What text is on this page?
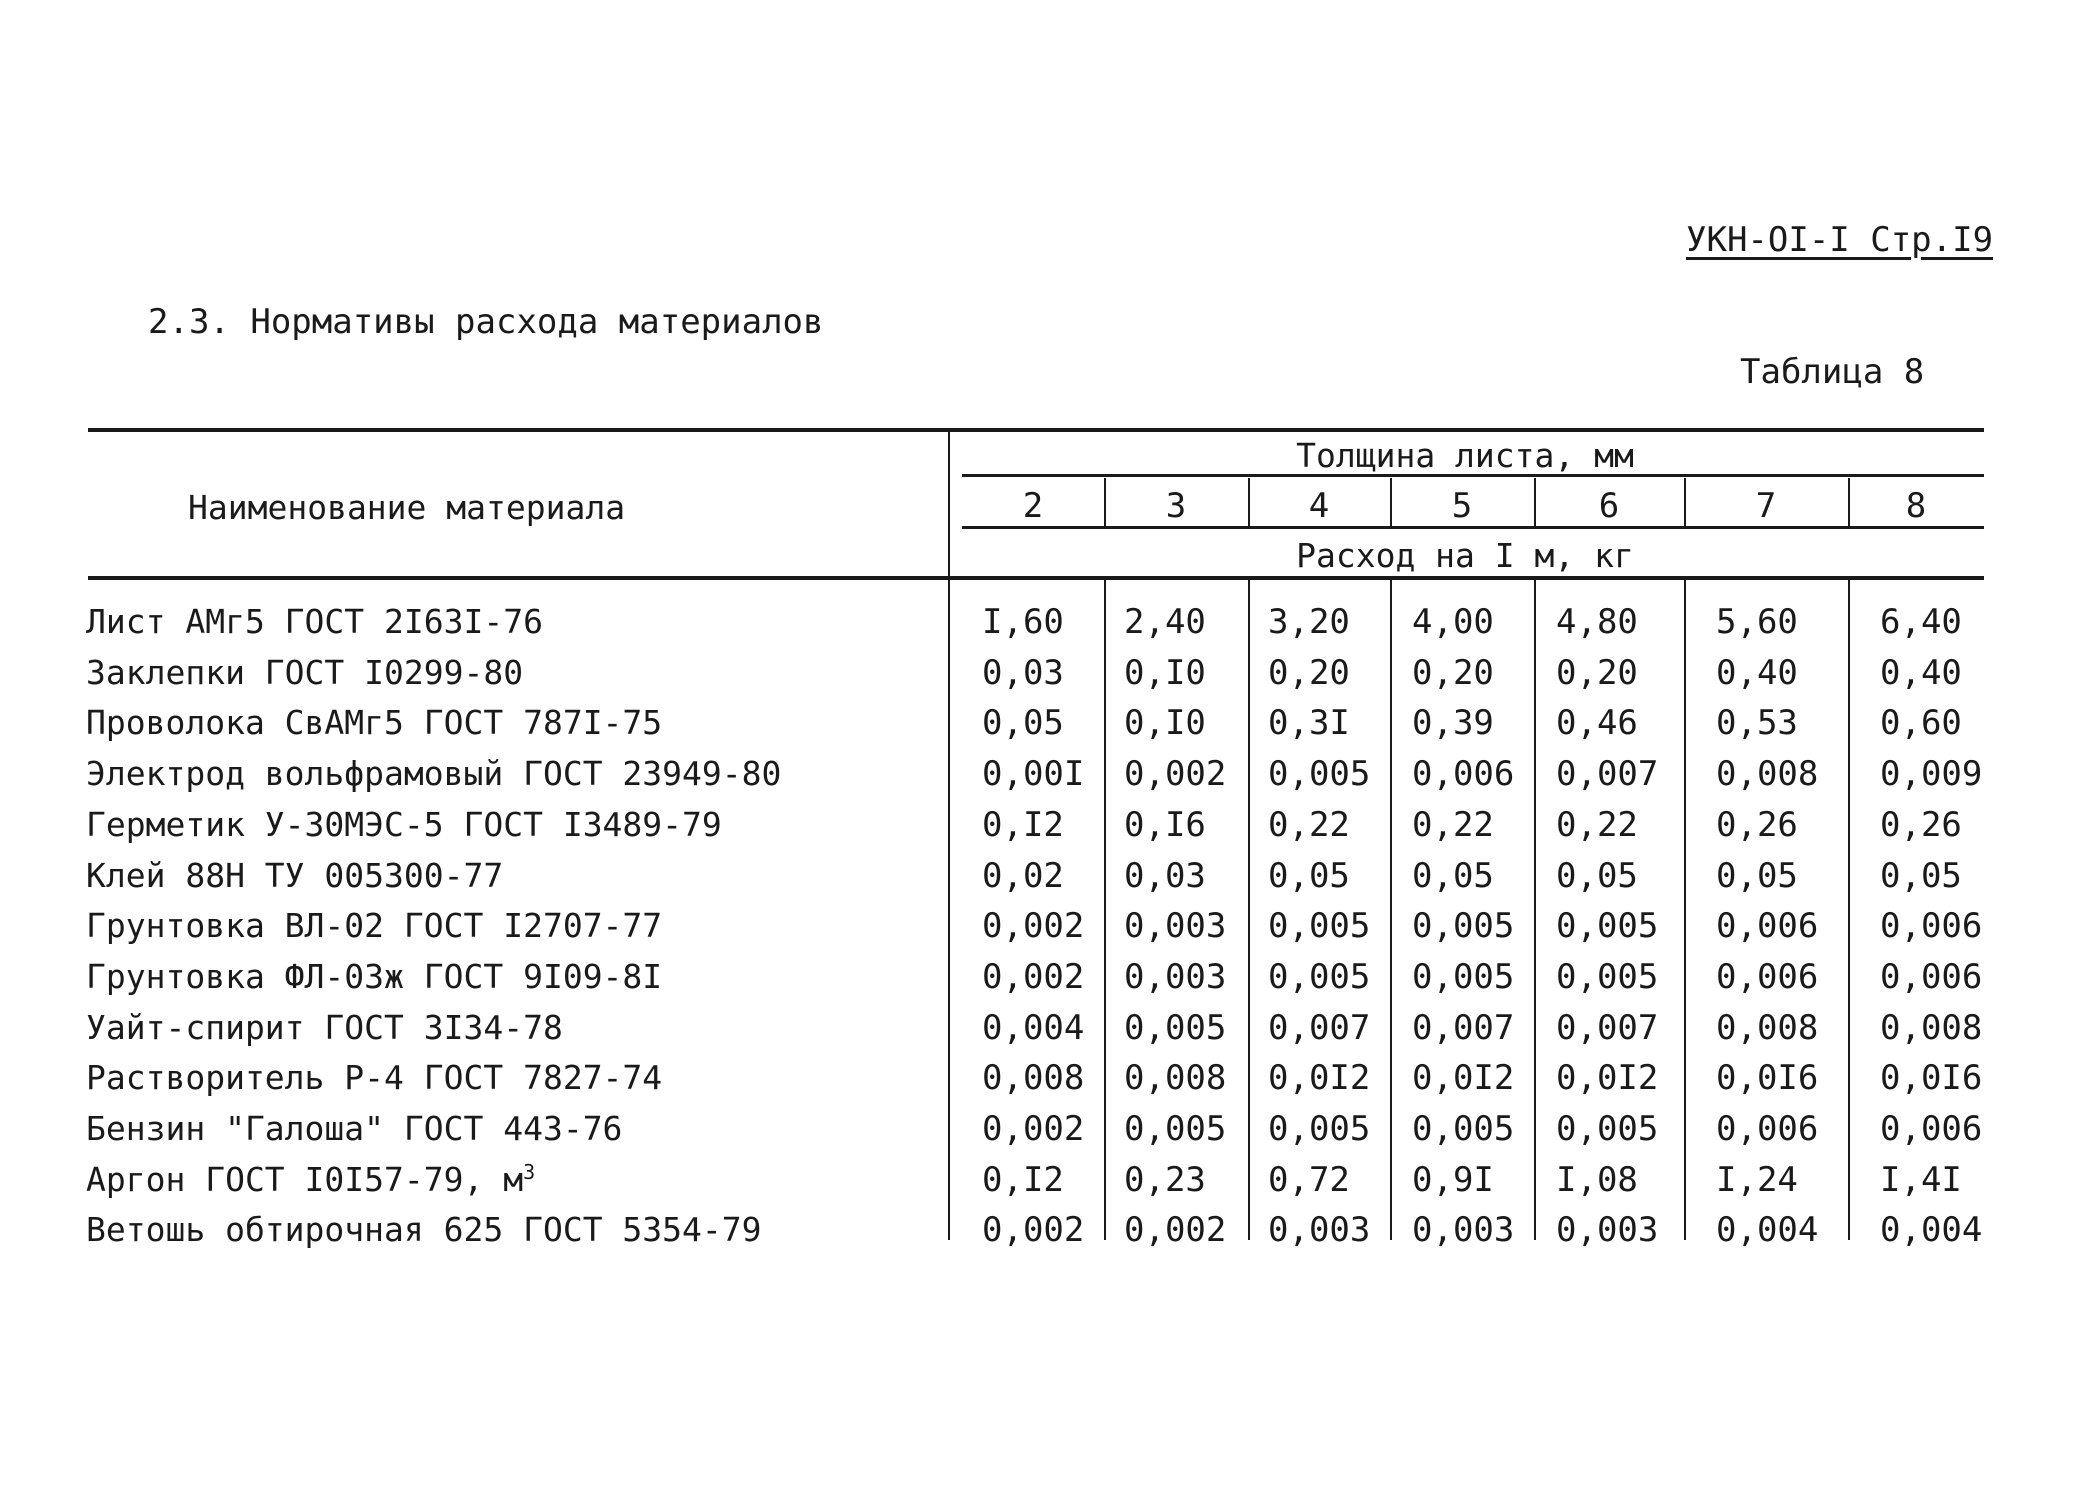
УКН-OI-I Стр.I9
2.3. Нормативы расхода материалов
Таблица 8
Наименование материала
Толщина листа, мм
Расход на I м, кг
2	3	4	5	6	7	8
Лист АМг5 ГОСТ 2I63I-76	I,60 2,40 3,20 4,00 4,80 5,60 6,40
Заклепки ГОСТ I0299-80	0,03 0,I0 0,20 0,20 0,20 0,40 0,40
Проволока СвАМг5 ГОСТ 787I-75	0,05 0,I0 0,3I 0,39 0,46 0,53 0,60
Электрод вольфрамовый ГОСТ 23949-80	0,00I 0,002 0,005 0,006 0,007 0,008 0,009
Герметик У-30МЭС-5 ГОСТ I3489-79	0,I2 0,I6 0,22 0,22 0,22 0,26 0,26
Клей 88Н ТУ 005300-77	0,02 0,03 0,05 0,05 0,05 0,05 0,05
Грунтовка ВЛ-02 ГОСТ I2707-77	0,002 0,003 0,005 0,005 0,005 0,006 0,006
Грунтовка ФЛ-03ж ГОСТ 9I09-8I	0,002 0,003 0,005 0,005 0,005 0,006 0,006
Уайт-спирит ГОСТ 3I34-78	0,004 0,005 0,007 0,007 0,007 0,008 0,008
Растворитель Р-4 ГОСТ 7827-74	0,008 0,008 0,0I2 0,0I2 0,0I2 0,0I6 0,0I6
Бензин "Галоша" ГОСТ 443-76	0,002 0,005 0,005 0,005 0,005 0,006 0,006
Аргон ГОСТ I0I57-79, $м^3$	0,I2 0,23 0,72 0,9I I,08 I,24 I,4I
Ветошь обтирочная 625 ГОСТ 5354-79	0,002 0,002 0,003 0,003 0,003 0,004 0,004
